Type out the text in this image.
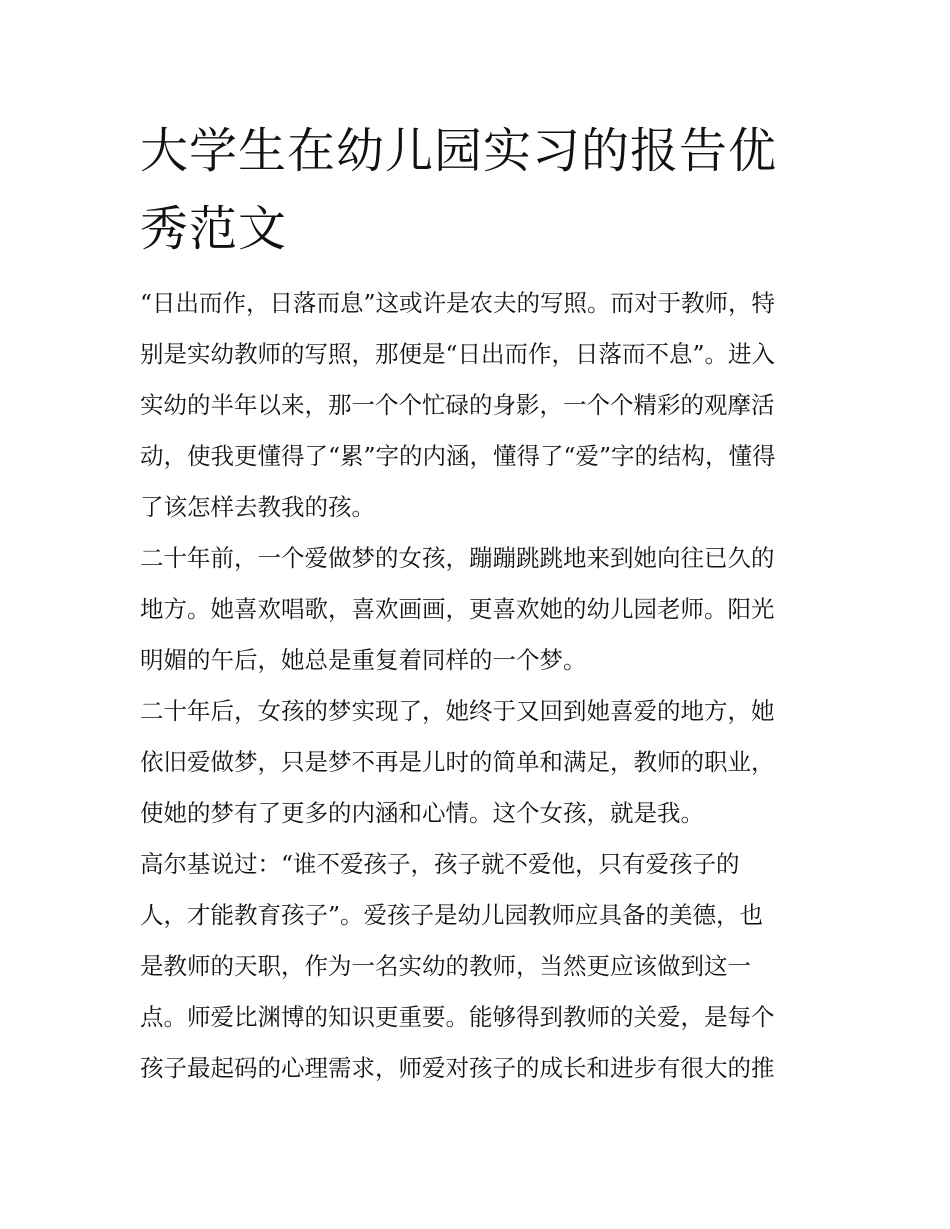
大学生在幼儿园实习的报告优
秀范文
“日出而作，日落而息”这或许是农夫的写照。而对于教师，特
别是实幼教师的写照，那便是“日出而作，日落而不息”。进入
实幼的半年以来，那一个个忙碌的身影，一个个精彩的观摩活
动，使我更懂得了“累”字的内涵，懂得了“爱”字的结构，懂得
了该怎样去教我的孩。
二十年前，一个爱做梦的女孩，蹦蹦跳跳地来到她向往已久的
地方。她喜欢唱歌，喜欢画画，更喜欢她的幼儿园老师。阳光
明媚的午后，她总是重复着同样的一个梦。
二十年后，女孩的梦实现了，她终于又回到她喜爱的地方，她
依旧爱做梦，只是梦不再是儿时的简单和满足，教师的职业，
使她的梦有了更多的内涵和心情。这个女孩，就是我。
高尔基说过：“谁不爱孩子，孩子就不爱他，只有爱孩子的
人，才能教育孩子”。爱孩子是幼儿园教师应具备的美德，也
是教师的天职，作为一名实幼的教师，当然更应该做到这一
点。师爱比渊博的知识更重要。能够得到教师的关爱，是每个
孩子最起码的心理需求，师爱对孩子的成长和进步有很大的推
